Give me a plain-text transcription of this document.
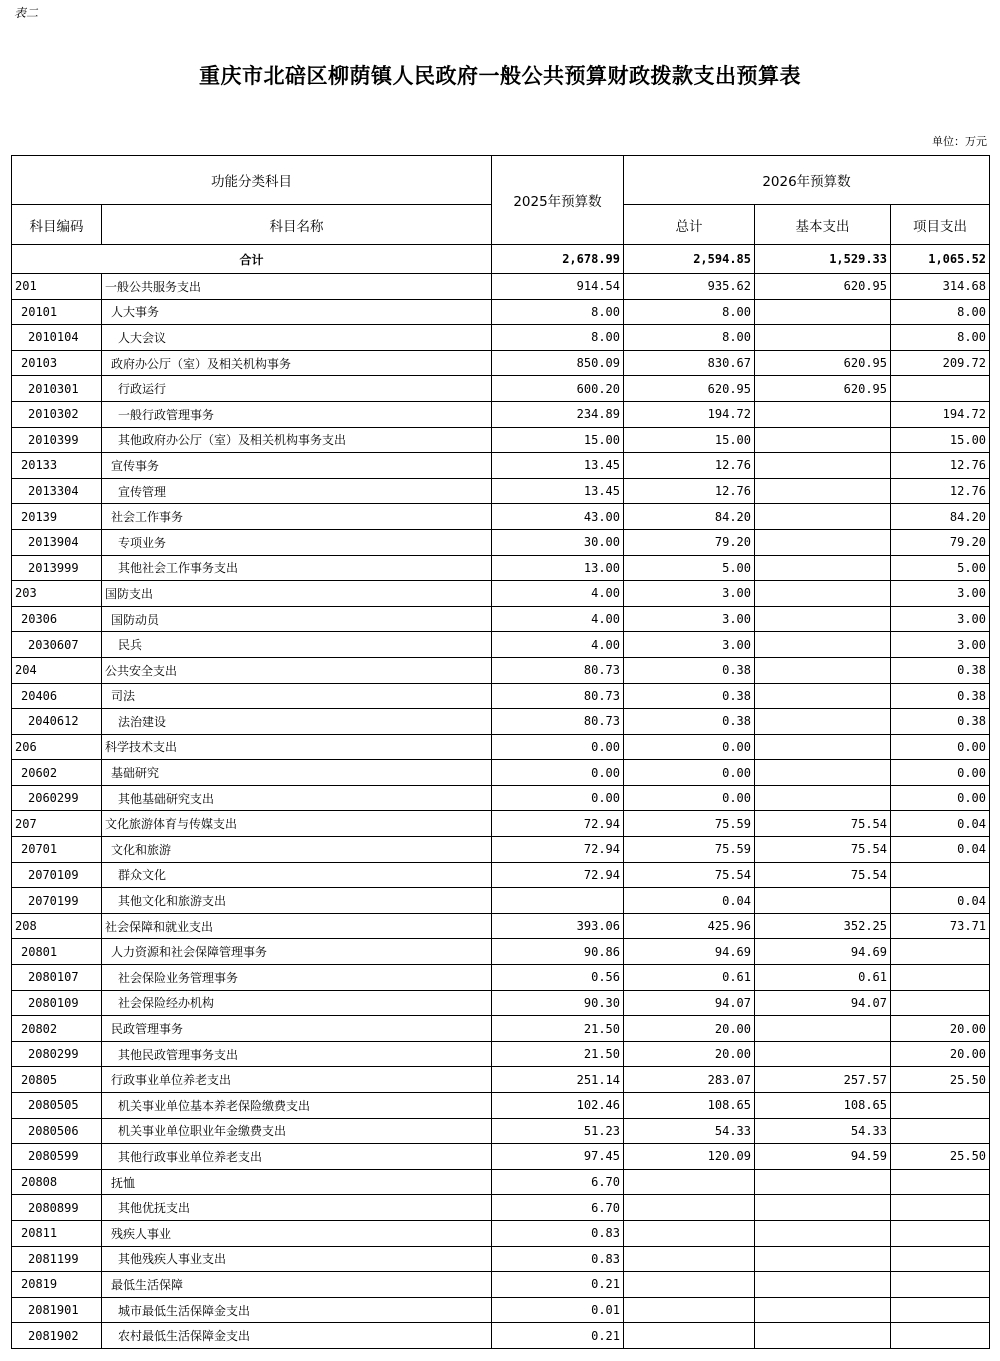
表二
重庆市北碚区柳荫镇人民政府一般公共预算财政拨款支出预算表
单位：万元
功能分类科目		2025年预算数	2026年预算数		
科目编码	科目名称		总计	基本支出	项目支出
合计		2,678.99	2,594.85	1,529.33	1,065.52
201	一般公共服务支出	914.54	935.62	620.95	314.68
20101	人大事务	8.00	8.00		8.00
2010104	人大会议	8.00	8.00		8.00
20103	政府办公厅（室）及相关机构事务	850.09	830.67	620.95	209.72
2010301	行政运行	600.20	620.95	620.95	
2010302	一般行政管理事务	234.89	194.72		194.72
2010399	其他政府办公厅（室）及相关机构事务支出	15.00	15.00		15.00
20133	宣传事务	13.45	12.76		12.76
2013304	宣传管理	13.45	12.76		12.76
20139	社会工作事务	43.00	84.20		84.20
2013904	专项业务	30.00	79.20		79.20
2013999	其他社会工作事务支出	13.00	5.00		5.00
203	国防支出	4.00	3.00		3.00
20306	国防动员	4.00	3.00		3.00
2030607	民兵	4.00	3.00		3.00
204	公共安全支出	80.73	0.38		0.38
20406	司法	80.73	0.38		0.38
2040612	法治建设	80.73	0.38		0.38
206	科学技术支出	0.00	0.00		0.00
20602	基础研究	0.00	0.00		0.00
2060299	其他基础研究支出	0.00	0.00		0.00
207	文化旅游体育与传媒支出	72.94	75.59	75.54	0.04
20701	文化和旅游	72.94	75.59	75.54	0.04
2070109	群众文化	72.94	75.54	75.54	
2070199	其他文化和旅游支出		0.04		0.04
208	社会保障和就业支出	393.06	425.96	352.25	73.71
20801	人力资源和社会保障管理事务	90.86	94.69	94.69	
2080107	社会保险业务管理事务	0.56	0.61	0.61	
2080109	社会保险经办机构	90.30	94.07	94.07	
20802	民政管理事务	21.50	20.00		20.00
2080299	其他民政管理事务支出	21.50	20.00		20.00
20805	行政事业单位养老支出	251.14	283.07	257.57	25.50
2080505	机关事业单位基本养老保险缴费支出	102.46	108.65	108.65	
2080506	机关事业单位职业年金缴费支出	51.23	54.33	54.33	
2080599	其他行政事业单位养老支出	97.45	120.09	94.59	25.50
20808	抚恤	6.70			
2080899	其他优抚支出	6.70			
20811	残疾人事业	0.83			
2081199	其他残疾人事业支出	0.83			
20819	最低生活保障	0.21			
2081901	城市最低生活保障金支出	0.01			
2081902	农村最低生活保障金支出	0.21			
